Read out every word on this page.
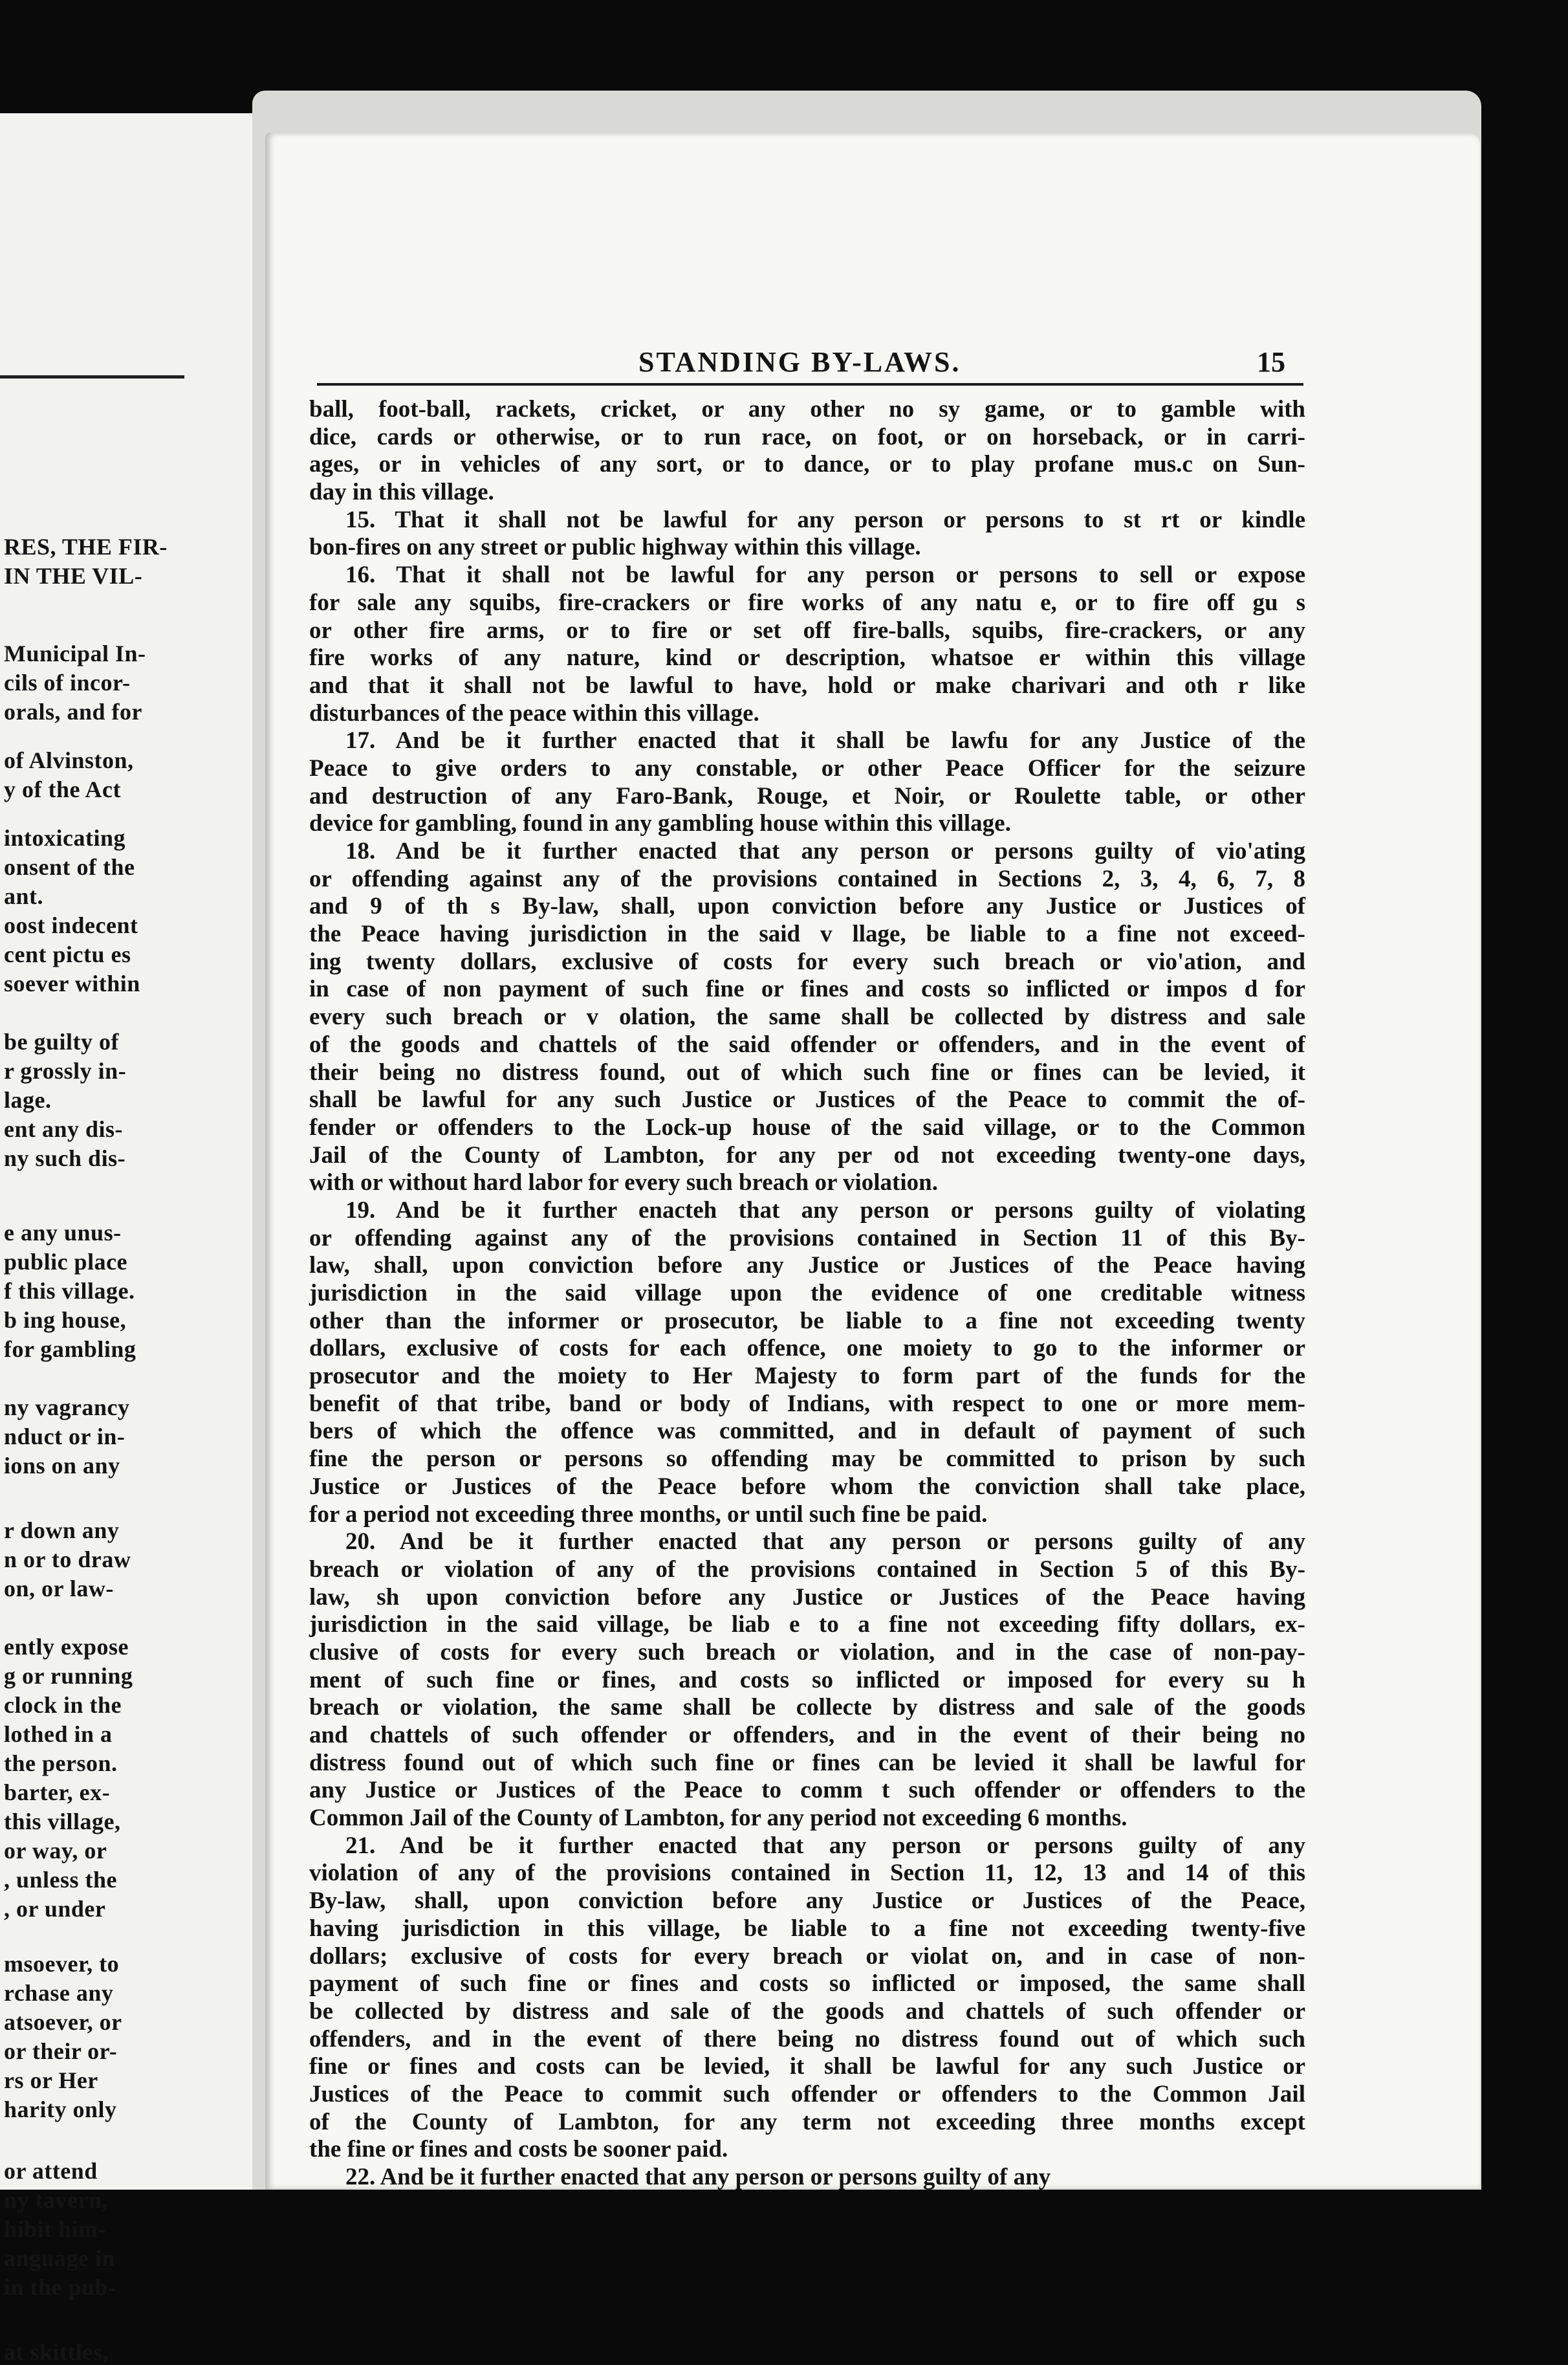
RES, THE FIR-
IN THE VIL-
Municipal In-
cils of incor-
orals, and for
of Alvinston,
y of the Act
intoxicating
onsent of the
ant.
oost indecent
cent pictu es
soever within
be guilty of
r grossly in-
lage.
ent any dis-
ny such dis-
e any unus-
public place
f this village.
b ing house,
for gambling
ny vagrancy
nduct or in-
ions on any
r down any
n or to draw
on, or law-
ently expose
g or running
clock in the
lothed in a
the person.
barter, ex-
this village,
or way, or
, unless the
, or under
msoever, to
rchase any
atsoever, or
or their or-
rs or Her
harity only
or attend
ny tavern,
hibit him-
anguage in
in the pub-
at skittles,
STANDING BY-LAWS.	15
ball, foot-ball, rackets, cricket, or any other no sy game, or to gamble with
dice, cards or otherwise, or to run race, on foot, or on horseback, or in carri-
ages, or in vehicles of any sort, or to dance, or to play profane mus.c on Sun-
day in this village.
15. That it shall not be lawful for any person or persons to st rt or kindle
bon-fires on any street or public highway within this village.
16. That it shall not be lawful for any person or persons to sell or expose
for sale any squibs, fire-crackers or fire works of any natu e, or to fire off gu s
or other fire arms, or to fire or set off fire-balls, squibs, fire-crackers, or any
fire works of any nature, kind or description, whatsoe er within this village
and that it shall not be lawful to have, hold or make charivari and oth r like
disturbances of the peace within this village.
17. And be it further enacted that it shall be lawfu for any Justice of the
Peace to give orders to any constable, or other Peace Officer for the seizure
and destruction of any Faro-Bank, Rouge, et Noir, or Roulette table, or other
device for gambling, found in any gambling house within this village.
18. And be it further enacted that any person or persons guilty of vio'ating
or offending against any of the provisions contained in Sections 2, 3, 4, 6, 7, 8
and 9 of th s By-law, shall, upon conviction before any Justice or Justices of
the Peace having jurisdiction in the said v llage, be liable to a fine not exceed-
ing twenty dollars, exclusive of costs for every such breach or vio'ation, and
in case of non payment of such fine or fines and costs so inflicted or impos d for
every such breach or v olation, the same shall be collected by distress and sale
of the goods and chattels of the said offender or offenders, and in the event of
their being no distress found, out of which such fine or fines can be levied, it
shall be lawful for any such Justice or Justices of the Peace to commit the of-
fender or offenders to the Lock-up house of the said village, or to the Common
Jail of the County of Lambton, for any per od not exceeding twenty-one days,
with or without hard labor for every such breach or violation.
19. And be it further enacteh that any person or persons guilty of violating
or offending against any of the provisions contained in Section 11 of this By-
law, shall, upon conviction before any Justice or Justices of the Peace having
jurisdiction in the said village upon the evidence of one creditable witness
other than the informer or prosecutor, be liable to a fine not exceeding twenty
dollars, exclusive of costs for each offence, one moiety to go to the informer or
prosecutor and the moiety to Her Majesty to form part of the funds for the
benefit of that tribe, band or body of Indians, with respect to one or more mem-
bers of which the offence was committed, and in default of payment of such
fine the person or persons so offending may be committed to prison by such
Justice or Justices of the Peace before whom the conviction shall take place,
for a period not exceeding three months, or until such fine be paid.
20. And be it further enacted that any person or persons guilty of any
breach or violation of any of the provisions contained in Section 5 of this By-
law, sh upon conviction before any Justice or Justices of the Peace having
jurisdiction in the said village, be liab e to a fine not exceeding fifty dollars, ex-
clusive of costs for every such breach or violation, and in the case of non-pay-
ment of such fine or fines, and costs so inflicted or imposed for every su h
breach or violation, the same shall be collecte by distress and sale of the goods
and chattels of such offender or offenders, and in the event of their being no
distress found out of which such fine or fines can be levied it shall be lawful for
any Justice or Justices of the Peace to comm t such offender or offenders to the
Common Jail of the County of Lambton, for any period not exceeding 6 months.
21. And be it further enacted that any person or persons guilty of any
violation of any of the provisions contained in Section 11, 12, 13 and 14 of this
By-law, shall, upon conviction before any Justice or Justices of the Peace,
having jurisdiction in this village, be liable to a fine not exceeding twenty-five
dollars; exclusive of costs for every breach or violat on, and in case of non-
payment of such fine or fines and costs so inflicted or imposed, the same shall
be collected by distress and sale of the goods and chattels of such offender or
offenders, and in the event of there being no distress found out of which such
fine or fines and costs can be levied, it shall be lawful for any such Justice or
Justices of the Peace to commit such offender or offenders to the Common Jail
of the County of Lambton, for any term not exceeding three months except
the fine or fines and costs be sooner paid.
22. And be it further enacted that any person or persons guilty of any
